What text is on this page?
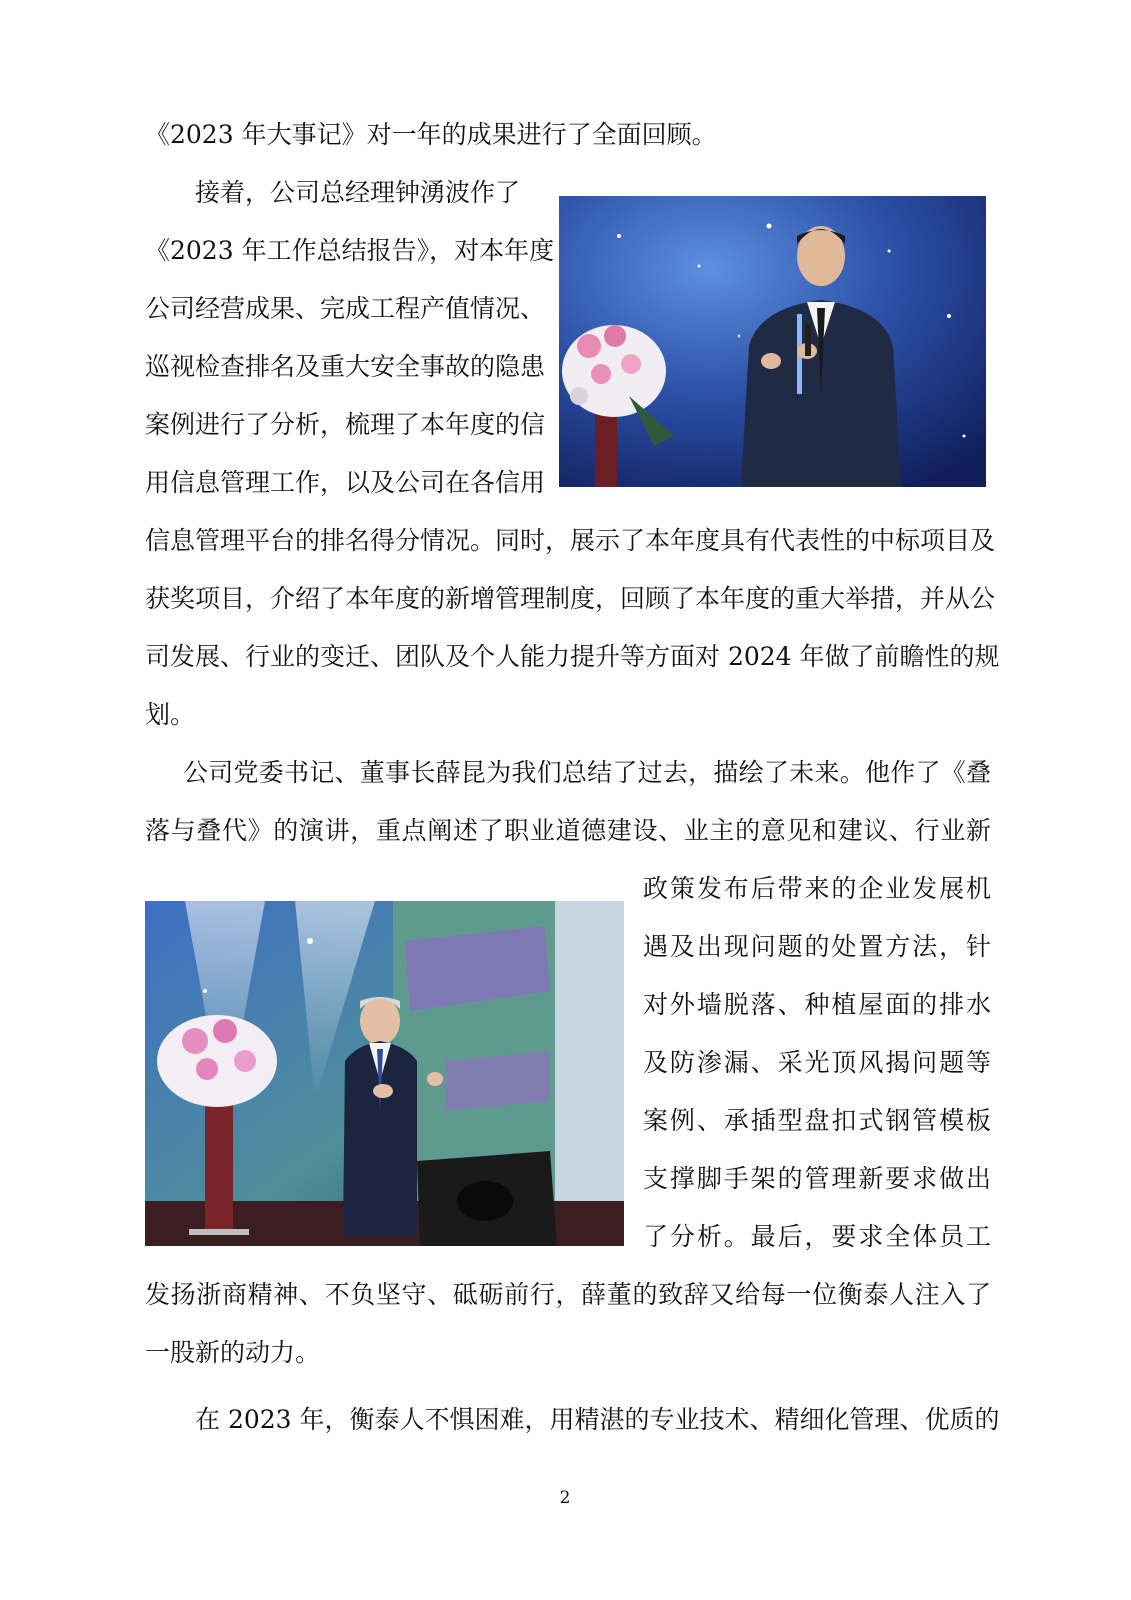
《2023 年大事记》对一年的成果进行了全面回顾。

接着，公司总经理钟湧波作了

《2023 年工作总结报告》，对本年度

公司经营成果、完成工程产值情况、

巡视检查排名及重大安全事故的隐患

案例进行了分析，梳理了本年度的信

用信息管理工作，以及公司在各信用

信息管理平台的排名得分情况。同时，展示了本年度具有代表性的中标项目及

获奖项目，介绍了本年度的新增管理制度，回顾了本年度的重大举措，并从公

司发展、行业的变迁、团队及个人能力提升等方面对 2024 年做了前瞻性的规

划。

公司党委书记、董事长薛昆为我们总结了过去，描绘了未来。他作了《叠

落与叠代》的演讲，重点阐述了职业道德建设、业主的意见和建议、行业新

政策发布后带来的企业发展机

遇及出现问题的处置方法，针

对外墙脱落、种植屋面的排水

及防渗漏、采光顶风揭问题等

案例、承插型盘扣式钢管模板

支撑脚手架的管理新要求做出

了分析。最后，要求全体员工

发扬浙商精神、不负坚守、砥砺前行，薛董的致辞又给每一位衡泰人注入了

一股新的动力。

在 2023 年，衡泰人不惧困难，用精湛的专业技术、精细化管理、优质的

2
